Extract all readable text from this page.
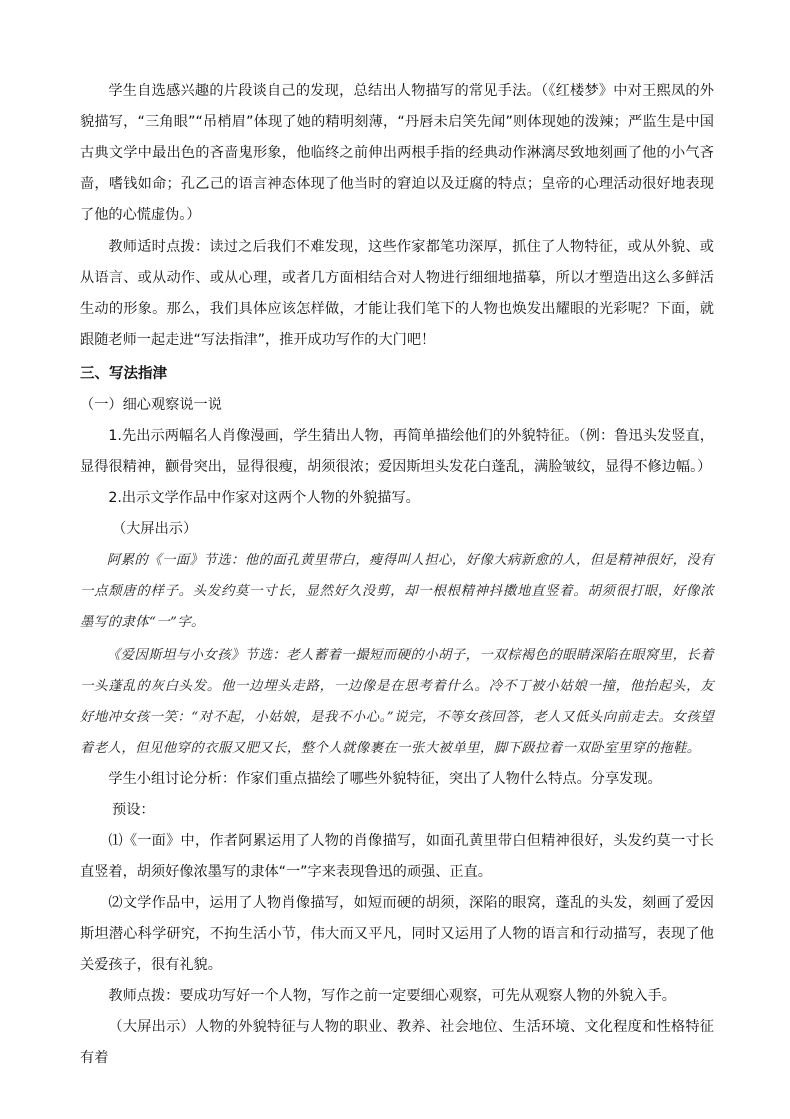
学生自选感兴趣的片段谈自己的发现，总结出人物描写的常见手法。（《红楼梦》中对王熙凤的外貌描写，“三角眼”“吊梢眉”体现了她的精明刻薄，“丹唇未启笑先闻”则体现她的泼辣；严监生是中国古典文学中最出色的吝啬鬼形象，他临终之前伸出两根手指的经典动作淋漓尽致地刻画了他的小气吝啬，嗜钱如命；孔乙己的语言神态体现了他当时的窘迫以及迂腐的特点；皇帝的心理活动很好地表现了他的心慌虚伪。）

教师适时点拨：读过之后我们不难发现，这些作家都笔功深厚，抓住了人物特征，或从外貌、或从语言、或从动作、或从心理，或者几方面相结合对人物进行细细地描摹，所以才塑造出这么多鲜活生动的形象。那么，我们具体应该怎样做，才能让我们笔下的人物也焕发出耀眼的光彩呢？下面，就跟随老师一起走进“写法指津”，推开成功写作的大门吧！

三、写法指津

（一）细心观察说一说

1.先出示两幅名人肖像漫画，学生猜出人物，再简单描绘他们的外貌特征。（例：鲁迅头发竖直，显得很精神，颧骨突出，显得很瘦，胡须很浓；爱因斯坦头发花白蓬乱，满脸皱纹，显得不修边幅。）

2.出示文学作品中作家对这两个人物的外貌描写。

（大屏出示）

阿累的《一面》节选：他的面孔黄里带白，瘦得叫人担心，好像大病新愈的人，但是精神很好，没有一点颓唐的样子。头发约莫一寸长，显然好久没剪，却一根根精神抖擞地直竖着。胡须很打眼，好像浓墨写的隶体“一”字。

《爱因斯坦与小女孩》节选：老人蓄着一撮短而硬的小胡子，一双棕褐色的眼睛深陷在眼窝里，长着一头蓬乱的灰白头发。他一边埋头走路，一边像是在思考着什么。冷不丁被小姑娘一撞，他抬起头，友好地冲女孩一笑：“对不起，小姑娘，是我不小心。”说完，不等女孩回答，老人又低头向前走去。女孩望着老人，但见他穿的衣服又肥又长，整个人就像裹在一张大被单里，脚下趿拉着一双卧室里穿的拖鞋。

学生小组讨论分析：作家们重点描绘了哪些外貌特征，突出了人物什么特点。分享发现。

预设：

⑴《一面》中，作者阿累运用了人物的肖像描写，如面孔黄里带白但精神很好，头发约莫一寸长直竖着，胡须好像浓墨写的隶体“一”字来表现鲁迅的顽强、正直。

⑵文学作品中，运用了人物肖像描写，如短而硬的胡须，深陷的眼窝，蓬乱的头发，刻画了爱因斯坦潜心科学研究，不拘生活小节，伟大而又平凡，同时又运用了人物的语言和行动描写，表现了他关爱孩子，很有礼貌。

教师点拨：要成功写好一个人物，写作之前一定要细心观察，可先从观察人物的外貌入手。

（大屏出示）人物的外貌特征与人物的职业、教养、社会地位、生活环境、文化程度和性格特征有着
